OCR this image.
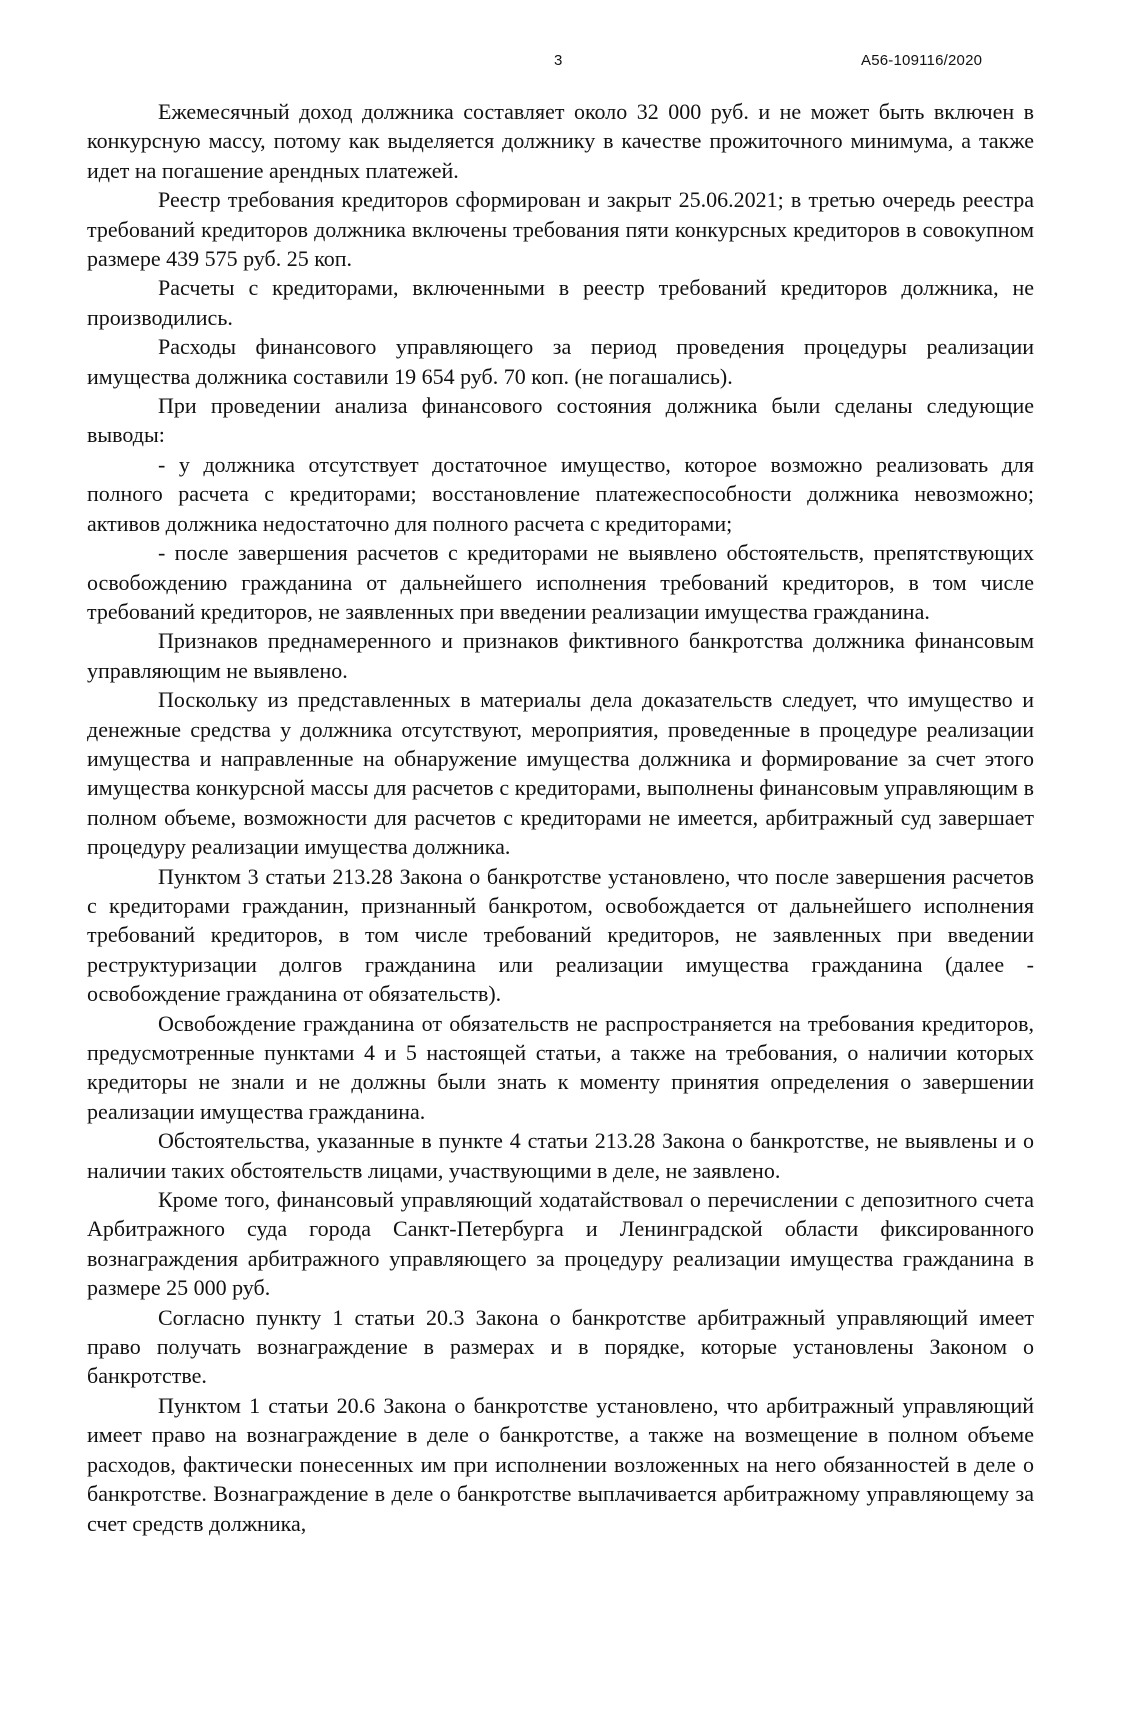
3	А56-109116/2020

Ежемесячный доход должника составляет около 32 000 руб. и не может быть включен в конкурсную массу, потому как выделяется должнику в качестве прожиточного минимума, а также идет на погашение арендных платежей.

Реестр требования кредиторов сформирован и закрыт 25.06.2021; в третью очередь реестра требований кредиторов должника включены требования пяти конкурсных кредиторов в совокупном размере 439 575 руб. 25 коп.

Расчеты с кредиторами, включенными в реестр требований кредиторов должника, не производились.

Расходы финансового управляющего за период проведения процедуры реализации имущества должника составили 19 654 руб. 70 коп. (не погашались).

При проведении анализа финансового состояния должника были сделаны следующие выводы:

- у должника отсутствует достаточное имущество, которое возможно реализовать для полного расчета с кредиторами; восстановление платежеспособности должника невозможно; активов должника недостаточно для полного расчета с кредиторами;

- после завершения расчетов с кредиторами не выявлено обстоятельств, препятствующих освобождению гражданина от дальнейшего исполнения требований кредиторов, в том числе требований кредиторов, не заявленных при введении реализации имущества гражданина.

Признаков преднамеренного и признаков фиктивного банкротства должника финансовым управляющим не выявлено.

Поскольку из представленных в материалы дела доказательств следует, что имущество и денежные средства у должника отсутствуют, мероприятия, проведенные в процедуре реализации имущества и направленные на обнаружение имущества должника и формирование за счет этого имущества конкурсной массы для расчетов с кредиторами, выполнены финансовым управляющим в полном объеме, возможности для расчетов с кредиторами не имеется, арбитражный суд завершает процедуру реализации имущества должника.

Пунктом 3 статьи 213.28 Закона о банкротстве установлено, что после завершения расчетов с кредиторами гражданин, признанный банкротом, освобождается от дальнейшего исполнения требований кредиторов, в том числе требований кредиторов, не заявленных при введении реструктуризации долгов гражданина или реализации имущества гражданина (далее - освобождение гражданина от обязательств).

Освобождение гражданина от обязательств не распространяется на требования кредиторов, предусмотренные пунктами 4 и 5 настоящей статьи, а также на требования, о наличии которых кредиторы не знали и не должны были знать к моменту принятия определения о завершении реализации имущества гражданина.

Обстоятельства, указанные в пункте 4 статьи 213.28 Закона о банкротстве, не выявлены и о наличии таких обстоятельств лицами, участвующими в деле, не заявлено.

Кроме того, финансовый управляющий ходатайствовал о перечислении с депозитного счета Арбитражного суда города Санкт-Петербурга и Ленинградской области фиксированного вознаграждения арбитражного управляющего за процедуру реализации имущества гражданина в размере 25 000 руб.

Согласно пункту 1 статьи 20.3 Закона о банкротстве арбитражный управляющий имеет право получать вознаграждение в размерах и в порядке, которые установлены Законом о банкротстве.

Пунктом 1 статьи 20.6 Закона о банкротстве установлено, что арбитражный управляющий имеет право на вознаграждение в деле о банкротстве, а также на возмещение в полном объеме расходов, фактически понесенных им при исполнении возложенных на него обязанностей в деле о банкротстве. Вознаграждение в деле о банкротстве выплачивается арбитражному управляющему за счет средств должника,
